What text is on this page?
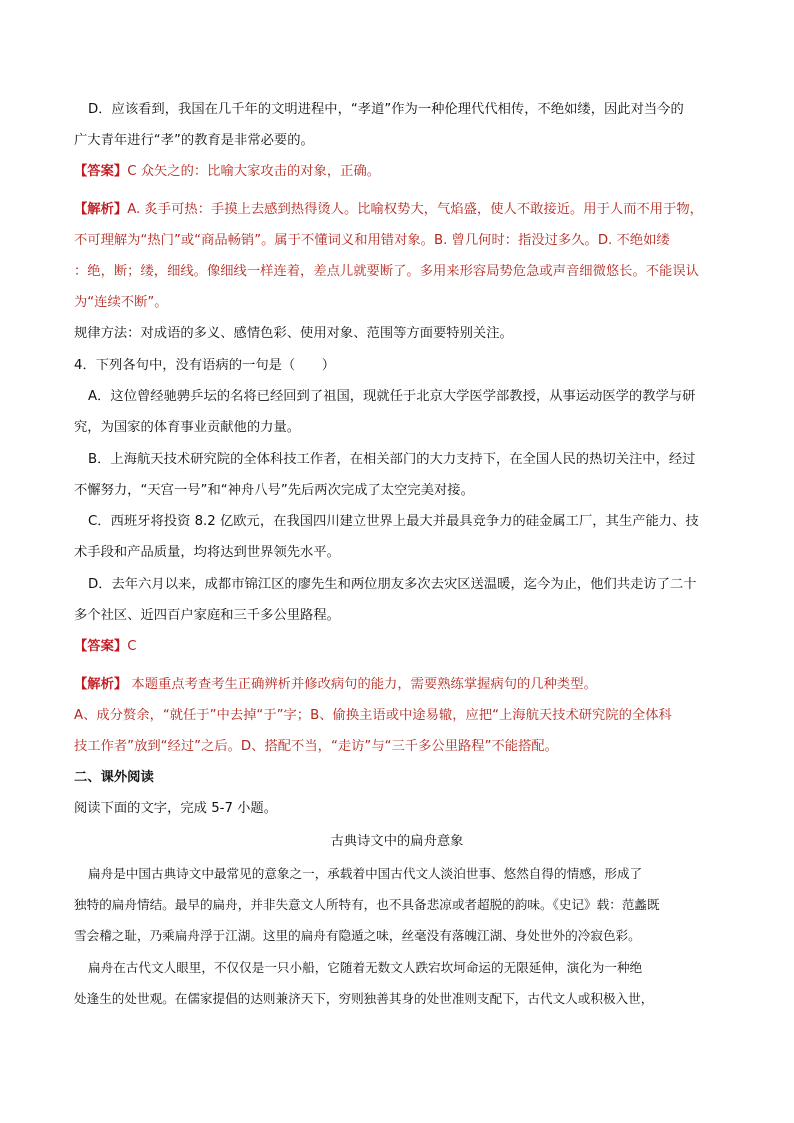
D．应该看到，我国在几千年的文明进程中，“孝道”作为一种伦理代代相传，不绝如缕，因此对当今的
广大青年进行“孝”的教育是非常必要的。
【答案】C 众矢之的：比喻大家攻击的对象，正确。
【解析】A. 炙手可热：手摸上去感到热得烫人。比喻权势大，气焰盛，使人不敢接近。用于人而不用于物，
不可理解为“热门”或“商品畅销”。属于不懂词义和用错对象。B. 曾几何时：指没过多久。D. 不绝如缕
：绝，断；缕，细线。像细线一样连着，差点儿就要断了。多用来形容局势危急或声音细微悠长。不能误认
为“连续不断”。
规律方法：对成语的多义、感情色彩、使用对象、范围等方面要特别关注。
4．下列各句中，没有语病的一句是（　　）
A．这位曾经驰骋乒坛的名将已经回到了祖国，现就任于北京大学医学部教授，从事运动医学的教学与研
究，为国家的体育事业贡献他的力量。
B．上海航天技术研究院的全体科技工作者，在相关部门的大力支持下，在全国人民的热切关注中，经过
不懈努力，“天宫一号”和“神舟八号”先后两次完成了太空完美对接。
C．西班牙将投资 8.2 亿欧元，在我国四川建立世界上最大并最具竞争力的硅金属工厂，其生产能力、技
术手段和产品质量，均将达到世界领先水平。
D．去年六月以来，成都市锦江区的廖先生和两位朋友多次去灾区送温暖，迄今为止，他们共走访了二十
多个社区、近四百户家庭和三千多公里路程。
【答案】C
【解析】 本题重点考查考生正确辨析并修改病句的能力，需要熟练掌握病句的几种类型。
A、成分赘余，“就任于”中去掉“于”字；B、偷换主语或中途易辙，应把“上海航天技术研究院的全体科
技工作者”放到“经过”之后。D、搭配不当，“走访”与“三千多公里路程”不能搭配。
二、课外阅读
阅读下面的文字，完成 5-7 小题。
古典诗文中的扁舟意象
扁舟是中国古典诗文中最常见的意象之一，承载着中国古代文人淡泊世事、悠然自得的情感，形成了
独特的扁舟情结。最早的扁舟，并非失意文人所特有，也不具备悲凉或者超脱的韵味。《史记》载：范蠡既
雪会稽之耻，乃乘扁舟浮于江湖。这里的扁舟有隐遁之味，丝毫没有落魄江湖、身处世外的冷寂色彩。
扁舟在古代文人眼里，不仅仅是一只小船，它随着无数文人跌宕坎坷命运的无限延伸，演化为一种绝
处逢生的处世观。在儒家提倡的达则兼济天下，穷则独善其身的处世准则支配下，古代文人或积极入世，
